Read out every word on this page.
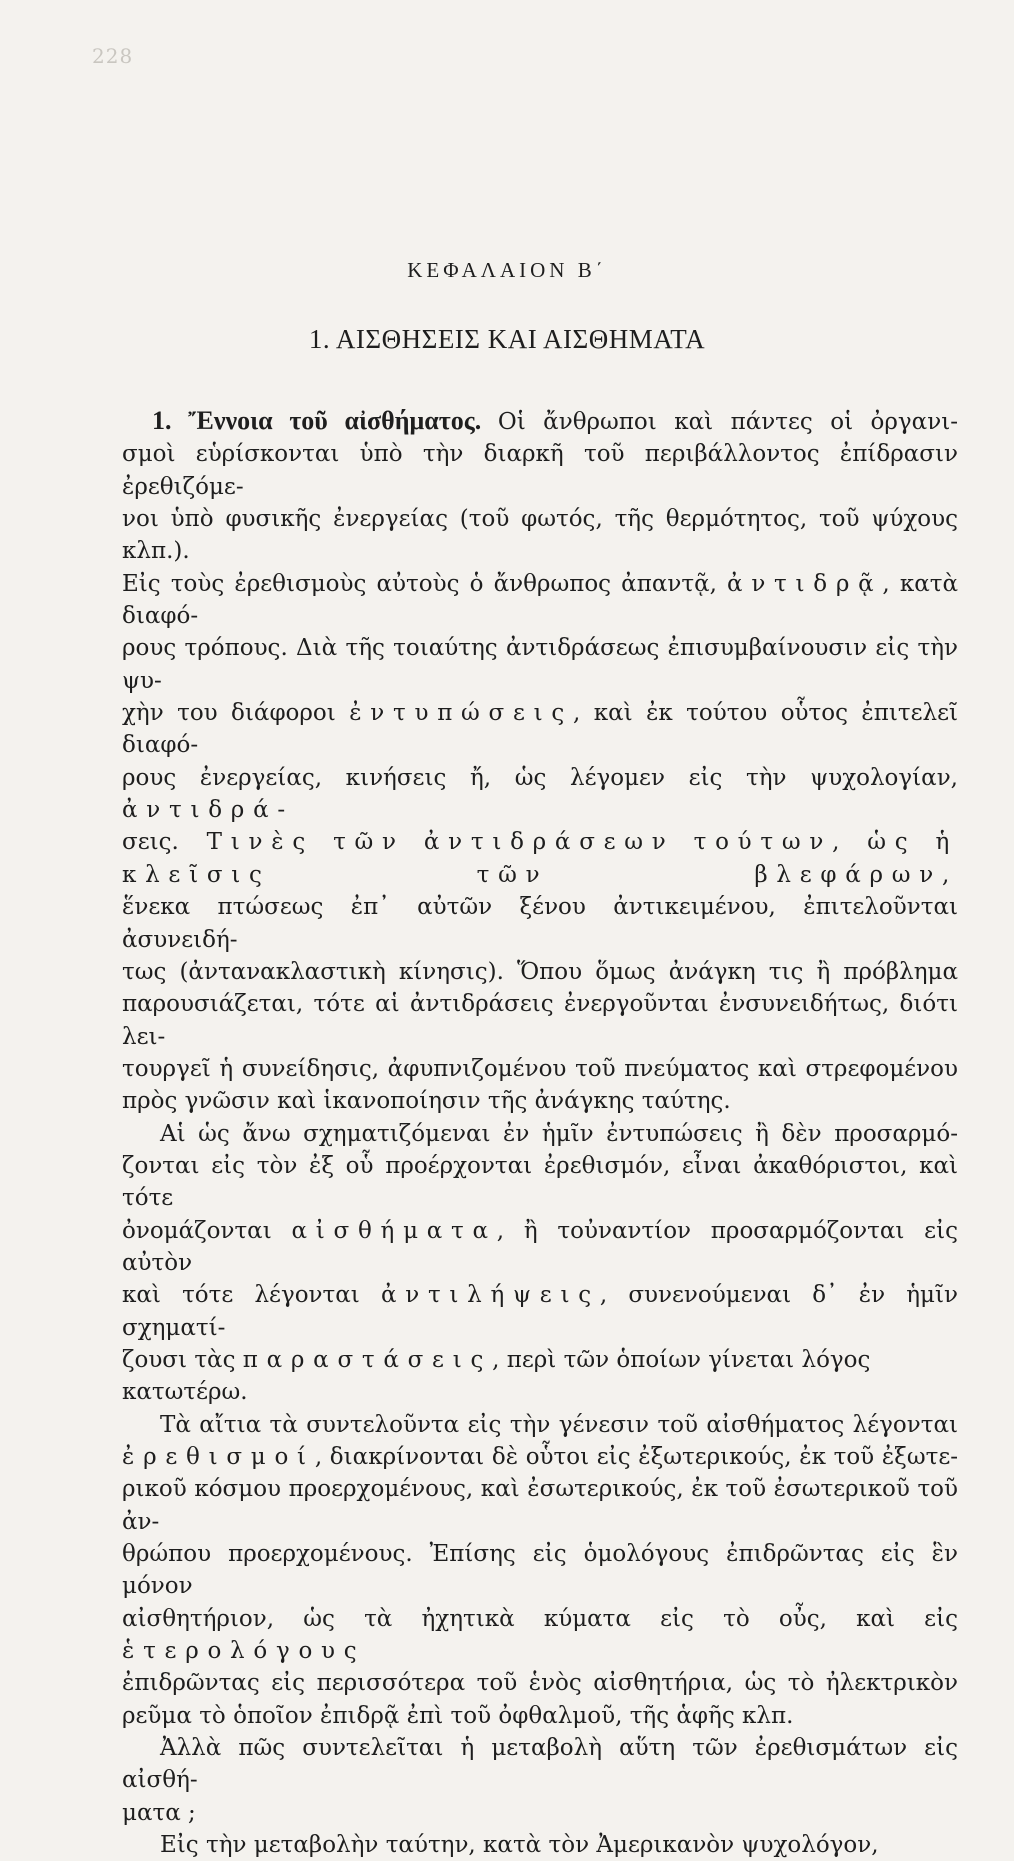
228
ΚΕΦΑΛΑΙΟΝ Β΄
1. ΑΙΣΘΗΣΕΙΣ ΚΑΙ ΑΙΣΘΗΜΑΤΑ
1. Ἔννοια τοῦ αἰσθήματος. Οἱ ἄνθρωποι καὶ πάντες οἱ ὀργανι-
σμοὶ εὑρίσκονται ὑπὸ τὴν διαρκῆ τοῦ περιβάλλοντος ἐπίδρασιν ἐρεθιζόμε-
νοι ὑπὸ φυσικῆς ἐνεργείας (τοῦ φωτός, τῆς θερμότητος, τοῦ ψύχους κλπ.).
Εἰς τοὺς ἐρεθισμοὺς αὐτοὺς ὁ ἄνθρωπος ἀπαντᾷ, ἀντιδρᾷ, κατὰ διαφό-
ρους τρόπους. Διὰ τῆς τοιαύτης ἀντιδράσεως ἐπισυμβαίνουσιν εἰς τὴν ψυ-
χὴν του διάφοροι ἐντυπώσεις, καὶ ἐκ τούτου οὗτος ἐπιτελεῖ διαφό-
ρους ἐνεργείας, κινήσεις ἤ, ὡς λέγομεν εἰς τὴν ψυχολογίαν, ἀντιδρά-
σεις. Τινὲς τῶν ἀντιδράσεων τούτων, ὡς ἡ κλεῖσις τῶν βλεφάρων,
ἕνεκα πτώσεως ἐπ᾽ αὐτῶν ξένου ἀντικειμένου, ἐπιτελοῦνται ἀσυνειδή-
τως (ἀντανακλαστικὴ κίνησις). Ὅπου ὅμως ἀνάγκη τις ἢ πρόβλημα
παρουσιάζεται, τότε αἱ ἀντιδράσεις ἐνεργοῦνται ἐνσυνειδήτως, διότι λει-
τουργεῖ ἡ συνείδησις, ἀφυπνιζομένου τοῦ πνεύματος καὶ στρεφομένου
πρὸς γνῶσιν καὶ ἱκανοποίησιν τῆς ἀνάγκης ταύτης.
Αἱ ὡς ἄνω σχηματιζόμεναι ἐν ἡμῖν ἐντυπώσεις ἢ δὲν προσαρμό-
ζονται εἰς τὸν ἐξ οὗ προέρχονται ἐρεθισμόν, εἶναι ἀκαθόριστοι, καὶ τότε
ὀνομάζονται αἰσθήματα, ἢ τοὐναντίον προσαρμόζονται εἰς αὐτὸν
καὶ τότε λέγονται ἀντιλήψεις, συνενούμεναι δ᾽ ἐν ἡμῖν σχηματί-
ζουσι τὰς παραστάσεις, περὶ τῶν ὁποίων γίνεται λόγος κατωτέρω.
Τὰ αἴτια τὰ συντελοῦντα εἰς τὴν γένεσιν τοῦ αἰσθήματος λέγονται
ἐρεθισμοί, διακρίνονται δὲ οὗτοι εἰς ἐξωτερικούς, ἐκ τοῦ ἐξωτε-
ρικοῦ κόσμου προερχομένους, καὶ ἐσωτερικούς, ἐκ τοῦ ἐσωτερικοῦ τοῦ ἀν-
θρώπου προερχομένους. Ἐπίσης εἰς ὁμολόγους ἐπιδρῶντας εἰς ἓν μόνον
αἰσθητήριον, ὡς τὰ ἠχητικὰ κύματα εἰς τὸ οὖς, καὶ εἰς ἑτερολόγους
ἐπιδρῶντας εἰς περισσότερα τοῦ ἑνὸς αἰσθητήρια, ὡς τὸ ἠλεκτρικὸν
ρεῦμα τὸ ὁποῖον ἐπιδρᾷ ἐπὶ τοῦ ὀφθαλμοῦ, τῆς ἁφῆς κλπ.
Ἀλλὰ πῶς συντελεῖται ἡ μεταβολὴ αὕτη τῶν ἐρεθισμάτων εἰς αἰσθή-
ματα ;
Εἰς τὴν μεταβολὴν ταύτην, κατὰ τὸν Ἀμερικανὸν ψυχολόγον,
